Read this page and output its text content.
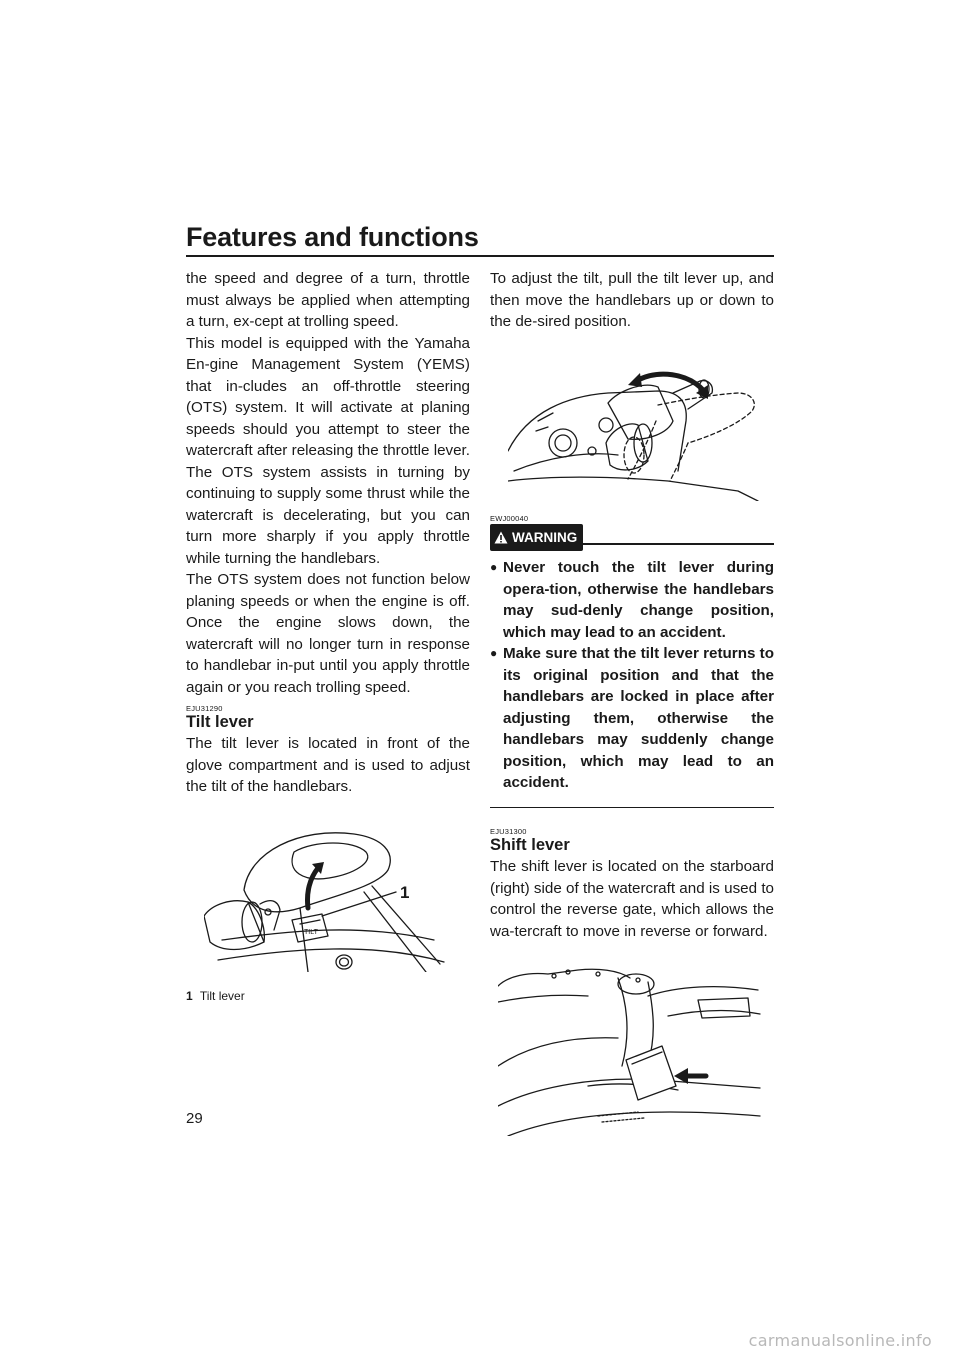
Features and functions
29

the speed and degree of a turn, throttle must always be applied when attempting a turn, ex-cept at trolling speed.

This model is equipped with the Yamaha En-gine Management System (YEMS) that in-cludes an off-throttle steering (OTS) system. It will activate at planing speeds should you attempt to steer the watercraft after releasing the throttle lever. The OTS system assists in turning by continuing to supply some thrust while the watercraft is decelerating, but you can turn more sharply if you apply throttle while turning the handlebars.

The OTS system does not function below planing speeds or when the engine is off. Once the engine slows down, the watercraft will no longer turn in response to handlebar in-put until you apply throttle again or you reach trolling speed.

EJU31290
Tilt lever

The tilt lever is located in front of the glove compartment and is used to adjust the tilt of the handlebars.

TILT
1
1 Tilt lever

To adjust the tilt, pull the tilt lever up, and then move the handlebars up or down to the de-sired position.

EWJ00040
WARNING
● Never touch the tilt lever during opera-tion, otherwise the handlebars may sud-denly change position, which may lead to an accident.
● Make sure that the tilt lever returns to its original position and that the handlebars are locked in place after adjusting them, otherwise the handlebars may suddenly change position, which may lead to an accident.
EJU31300
Shift lever

The shift lever is located on the starboard (right) side of the watercraft and is used to control the reverse gate, which allows the wa-tercraft to move in reverse or forward.

carmanualsonline.info
